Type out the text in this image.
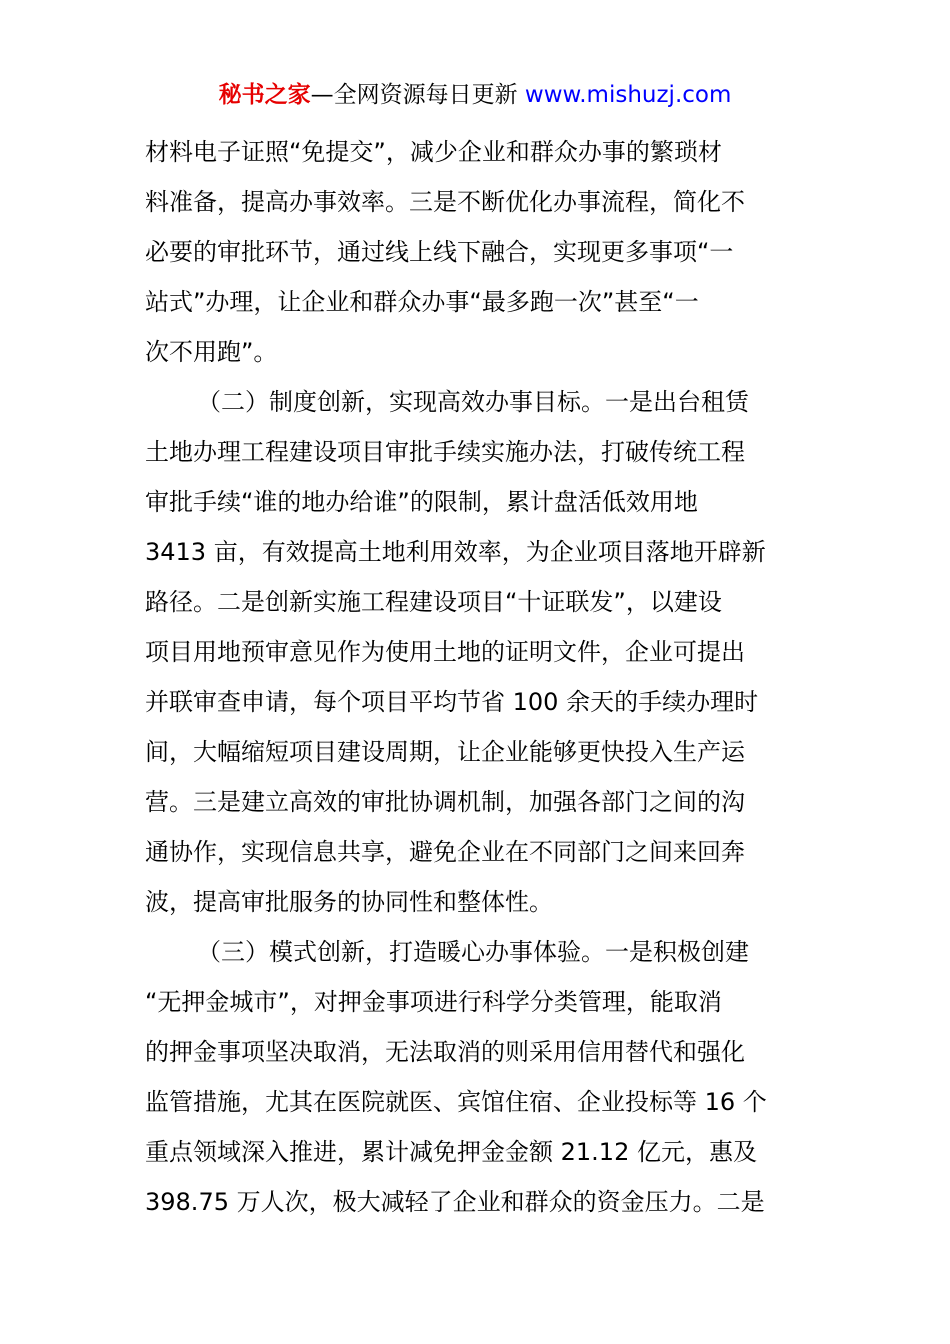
秘书之家—全网资源每日更新 www.mishuzj.com
材料电子证照“免提交”，减少企业和群众办事的繁琐材
料准备，提高办事效率。三是不断优化办事流程，简化不
必要的审批环节，通过线上线下融合，实现更多事项“一
站式”办理，让企业和群众办事“最多跑一次”甚至“一
次不用跑”。
（二）制度创新，实现高效办事目标。一是出台租赁
土地办理工程建设项目审批手续实施办法，打破传统工程
审批手续“谁的地办给谁”的限制，累计盘活低效用地
3413 亩，有效提高土地利用效率，为企业项目落地开辟新
路径。二是创新实施工程建设项目“十证联发”，以建设
项目用地预审意见作为使用土地的证明文件，企业可提出
并联审查申请，每个项目平均节省 100 余天的手续办理时
间，大幅缩短项目建设周期，让企业能够更快投入生产运
营。三是建立高效的审批协调机制，加强各部门之间的沟
通协作，实现信息共享，避免企业在不同部门之间来回奔
波，提高审批服务的协同性和整体性。
（三）模式创新，打造暖心办事体验。一是积极创建
“无押金城市”，对押金事项进行科学分类管理，能取消
的押金事项坚决取消，无法取消的则采用信用替代和强化
监管措施，尤其在医院就医、宾馆住宿、企业投标等 16 个
重点领域深入推进，累计减免押金金额 21.12 亿元，惠及
398.75 万人次，极大减轻了企业和群众的资金压力。二是
